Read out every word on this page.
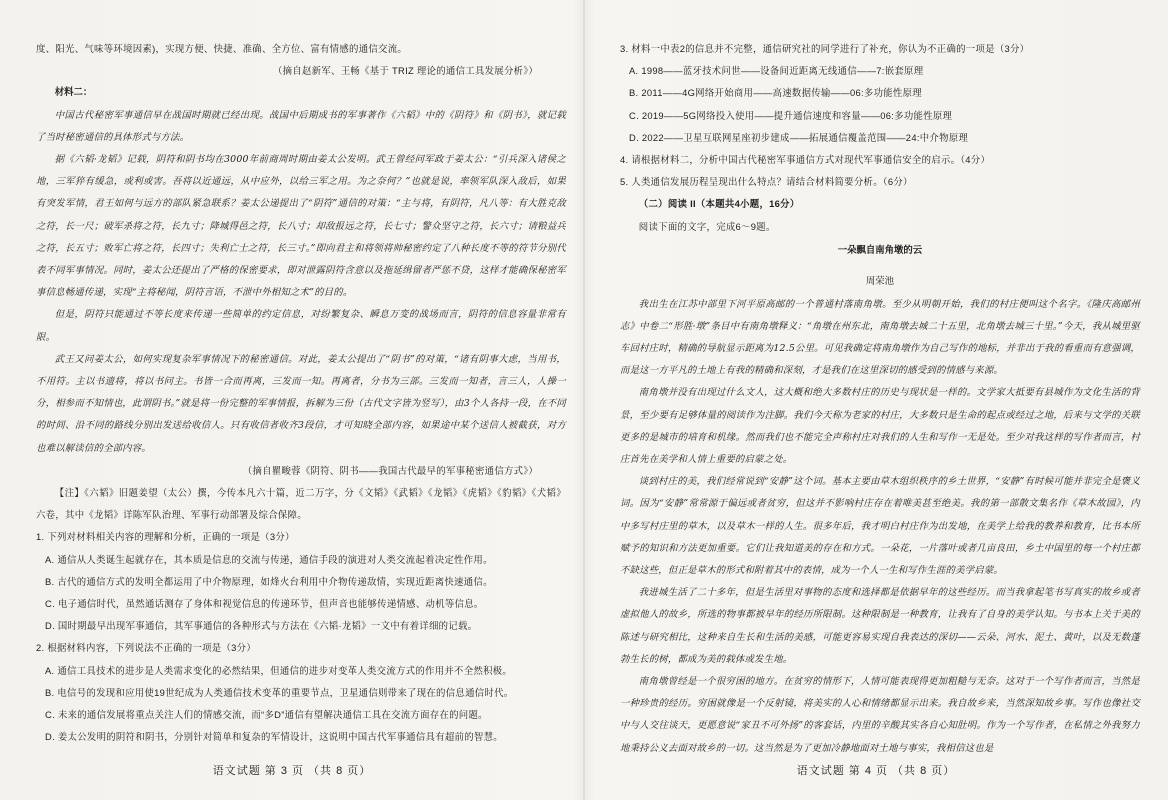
度、阳光、气味等环境因素)，实现方便、快捷、准确、全方位、富有情感的通信交流。

（摘自赵新军、王畅《基于 TRIZ 理论的通信工具发展分析》）

材料二：

中国古代秘密军事通信早在战国时期就已经出现。战国中后期成书的军事著作《六韬》中的《阴符》和《阴书》，就记载了当时秘密通信的具体形式与方法。

据《六韬·龙韬》记载，阴符和阴书均在3000年前商周时期由姜太公发明。武王曾经问军政于姜太公：“引兵深入诸侯之地，三军猝有缓急，或利或害。吾将以近通远，从中应外，以给三军之用。为之奈何？”也就是说，率领军队深入敌后，如果有突发军情，君王如何与远方的部队紧急联系？姜太公递提出了“阴符”通信的对策：“主与将，有阴符，凡八等：有大胜克敌之符，长一尺；破军杀将之符，长九寸；降城得邑之符，长八寸；却敌报远之符，长七寸；警众坚守之符，长六寸；请粮益兵之符，长五寸；败军亡将之符，长四寸；失利亡士之符，长三寸。”即向君主和将领将帅秘密约定了八种长度不等的符节分别代表不同军事情况。同时，姜太公还提出了严格的保密要求，即对泄露阴符含意以及拖延缉留者严惩不贷，这样才能确保秘密军事信息畅通传递，实现“主将秘闻，阴符言语，不泄中外相知之术”的目的。

但是，阴符只能通过不等长度来传递一些简单的约定信息，对纷繁复杂、瞬息万变的战场而言，阴符的信息容量非常有限。

武王又问姜太公，如何实现复杂军事情况下的秘密通信。对此，姜太公提出了“阴书”的对策，“诸有阴事大虑，当用书，不用符。主以书遗将，将以书问主。书皆一合而再离，三发而一知。再离者，分书为三部。三发而一知者，言三人，人操一分，相参而不知情也，此谓阴书。”就是将一份完整的军事情报，拆解为三份（古代文字皆为竖写），由3个人各持一段，在不同的时间、沿不同的路线分别出发送给收信人。只有收信者收齐3段信，才可知晓全部内容，如果途中某个送信人被截获，对方也难以解读信的全部内容。

（摘自瞿畯蓉《阴符、阴书——我国古代最早的军事秘密通信方式》）

【注】《六韬》旧题姜望（太公）撰，今传本凡六十篇，近二万字，分《文韬》《武韬》《龙韬》《虎韬》《豹韬》《犬韬》六卷，其中《龙韬》详陈军队治理、军事行动部署及综合保障。

1. 下列对材料相关内容的理解和分析，正确的一项是（3分）

A. 通信从人类诞生起就存在，其本质是信息的交流与传递，通信手段的演进对人类交流起着决定性作用。

B. 古代的通信方式的发明全都运用了中介物原理，如烽火台利用中介物传递敌情，实现近距离快速通信。

C. 电子通信时代，虽然通话测存了身体和视觉信息的传递环节，但声音也能够传递情感、动机等信息。

D. 国时期最早出现军事通信，其军事通信的各种形式与方法在《六韬·龙韬》一文中有着详细的记载。

2. 根据材料内容，下列说法不正确的一项是（3分）

A. 通信工具技术的进步是人类需求变化的必然结果，但通信的进步对变革人类交流方式的作用并不全然积极。

B. 电信号的发现和应用使19世纪成为人类通信技术变革的重要节点，卫星通信则带来了现在的信息通信时代。

C. 未来的通信发展将重点关注人们的情感交流，而“多D”通信有望解决通信工具在交流方面存在的问题。

D. 姜太公发明的阴符和阴书，分别针对简单和复杂的军情设计，这说明中国古代军事通信具有超前的智慧。

语文试题 第 3 页 （共 8 页）

3. 材料一中表2的信息并不完整，通信研究社的同学进行了补充，你认为不正确的一项是（3分）

A. 1998——蓝牙技术问世——设备间近距离无线通信——7:嵌套原理

B. 2011——4G网络开始商用——高速数据传输——06:多功能性原理

C. 2019——5G网络投入使用——提升通信速度和容量——06:多功能性原理

D. 2022——卫星互联网星座初步建成——拓展通信覆盖范围——24:中介物原理

4. 请根据材料二，分析中国古代秘密军事通信方式对现代军事通信安全的启示。（4分）

5. 人类通信发展历程呈现出什么特点？请结合材料简要分析。（6分）

（二）阅读 II（本题共4小题，16分）

阅读下面的文字，完成6～9题。

一朵飘自南角墩的云

周荣池

我出生在江苏中部里下河平原高邮的一个普通村落南角墩。至少从明朝开始，我们的村庄便叫这个名字。《隆庆高邮州志》中卷二“形胜·墩”条目中有南角墩释义：“角墩在州东北，南角墩去城二十五里，北角墩去城三十里。”今天，我从城里驱车回村庄时，精确的导航显示距离为12.5公里。可见我确定将南角墩作为自己写作的地标，并非出于我的看重而有意强调，而是这一方平凡的土地上有我的精确和深刻，才是我们在这里深切的感受到的情感与来源。

南角墩并没有出现过什么文人，这大概和绝大多数村庄的历史与现状是一样的。文学家大抵要有县城作为文化生活的背景，至少要有足够体量的阅读作为注脚。我们今天称为老家的村庄，大多数只是生命的起点或经过之地，后来与文学的关联更多的是城市的培育和机缘。然而我们也不能完全声称村庄对我们的人生和写作一无是处。至少对我这样的写作者而言，村庄首先在美学和人情上重要的启蒙之处。

谈到村庄的美，我们经常说到“安静”这个词。基本主要由草木组织秩序的乡土世界，“安静”有时候可能并非完全是褒义词。因为“安静”常常源于偏远或者贫穷，但这并不影响村庄存在着唯美甚至绝美。我的第一部散文集名作《草木故园》，内中多写村庄里的草木，以及草木一样的人生。很多年后，我才明白村庄作为出发地，在美学上给我的教养和教育，比书本所赋予的知识和方法更加重要。它们让我知道美的存在和方式。一朵花，一片落叶或者几亩良田，乡土中国里的每一个村庄都不缺这些，但正是草木的形式和附着其中的表情，成为一个人一生和写作生涯的美学启蒙。

我进城生活了二十多年，但是生活里对事物的态度和选择都是依据早年的这些经历。而当我拿起笔书写真实的故乡或者虚拟他人的故乡，所选的物事都被早年的经历所限制。这种限制是一种教育，让我有了自身的美学认知。与书本上关于美的陈述与研究相比，这种来自生长和生活的美感，可能更容易实现自我表达的深切——云朵、河水、泥土、黄叶，以及无数蓬勃生长的树，都成为美的载体或发生地。

南角墩曾经是一个很穷困的地方。在贫穷的情形下，人情可能表现得更加粗糙与无奈。这对于一个写作者而言，当然是一种珍贵的经历。穷困就像是一个反射镜，将美实的人心和情绪都显示出来。我自故乡来，当然深知故乡事。写作也像社交中与人交往谈天，更愿意说“家丑不可外扬”的客套话，内里的辛酸其实各自心知肚明。作为一个写作者，在私情之外我努力地秉持公义去面对故乡的一切。这当然是为了更加冷静地面对土地与事实，我相信这也是

语文试题 第 4 页 （共 8 页）
